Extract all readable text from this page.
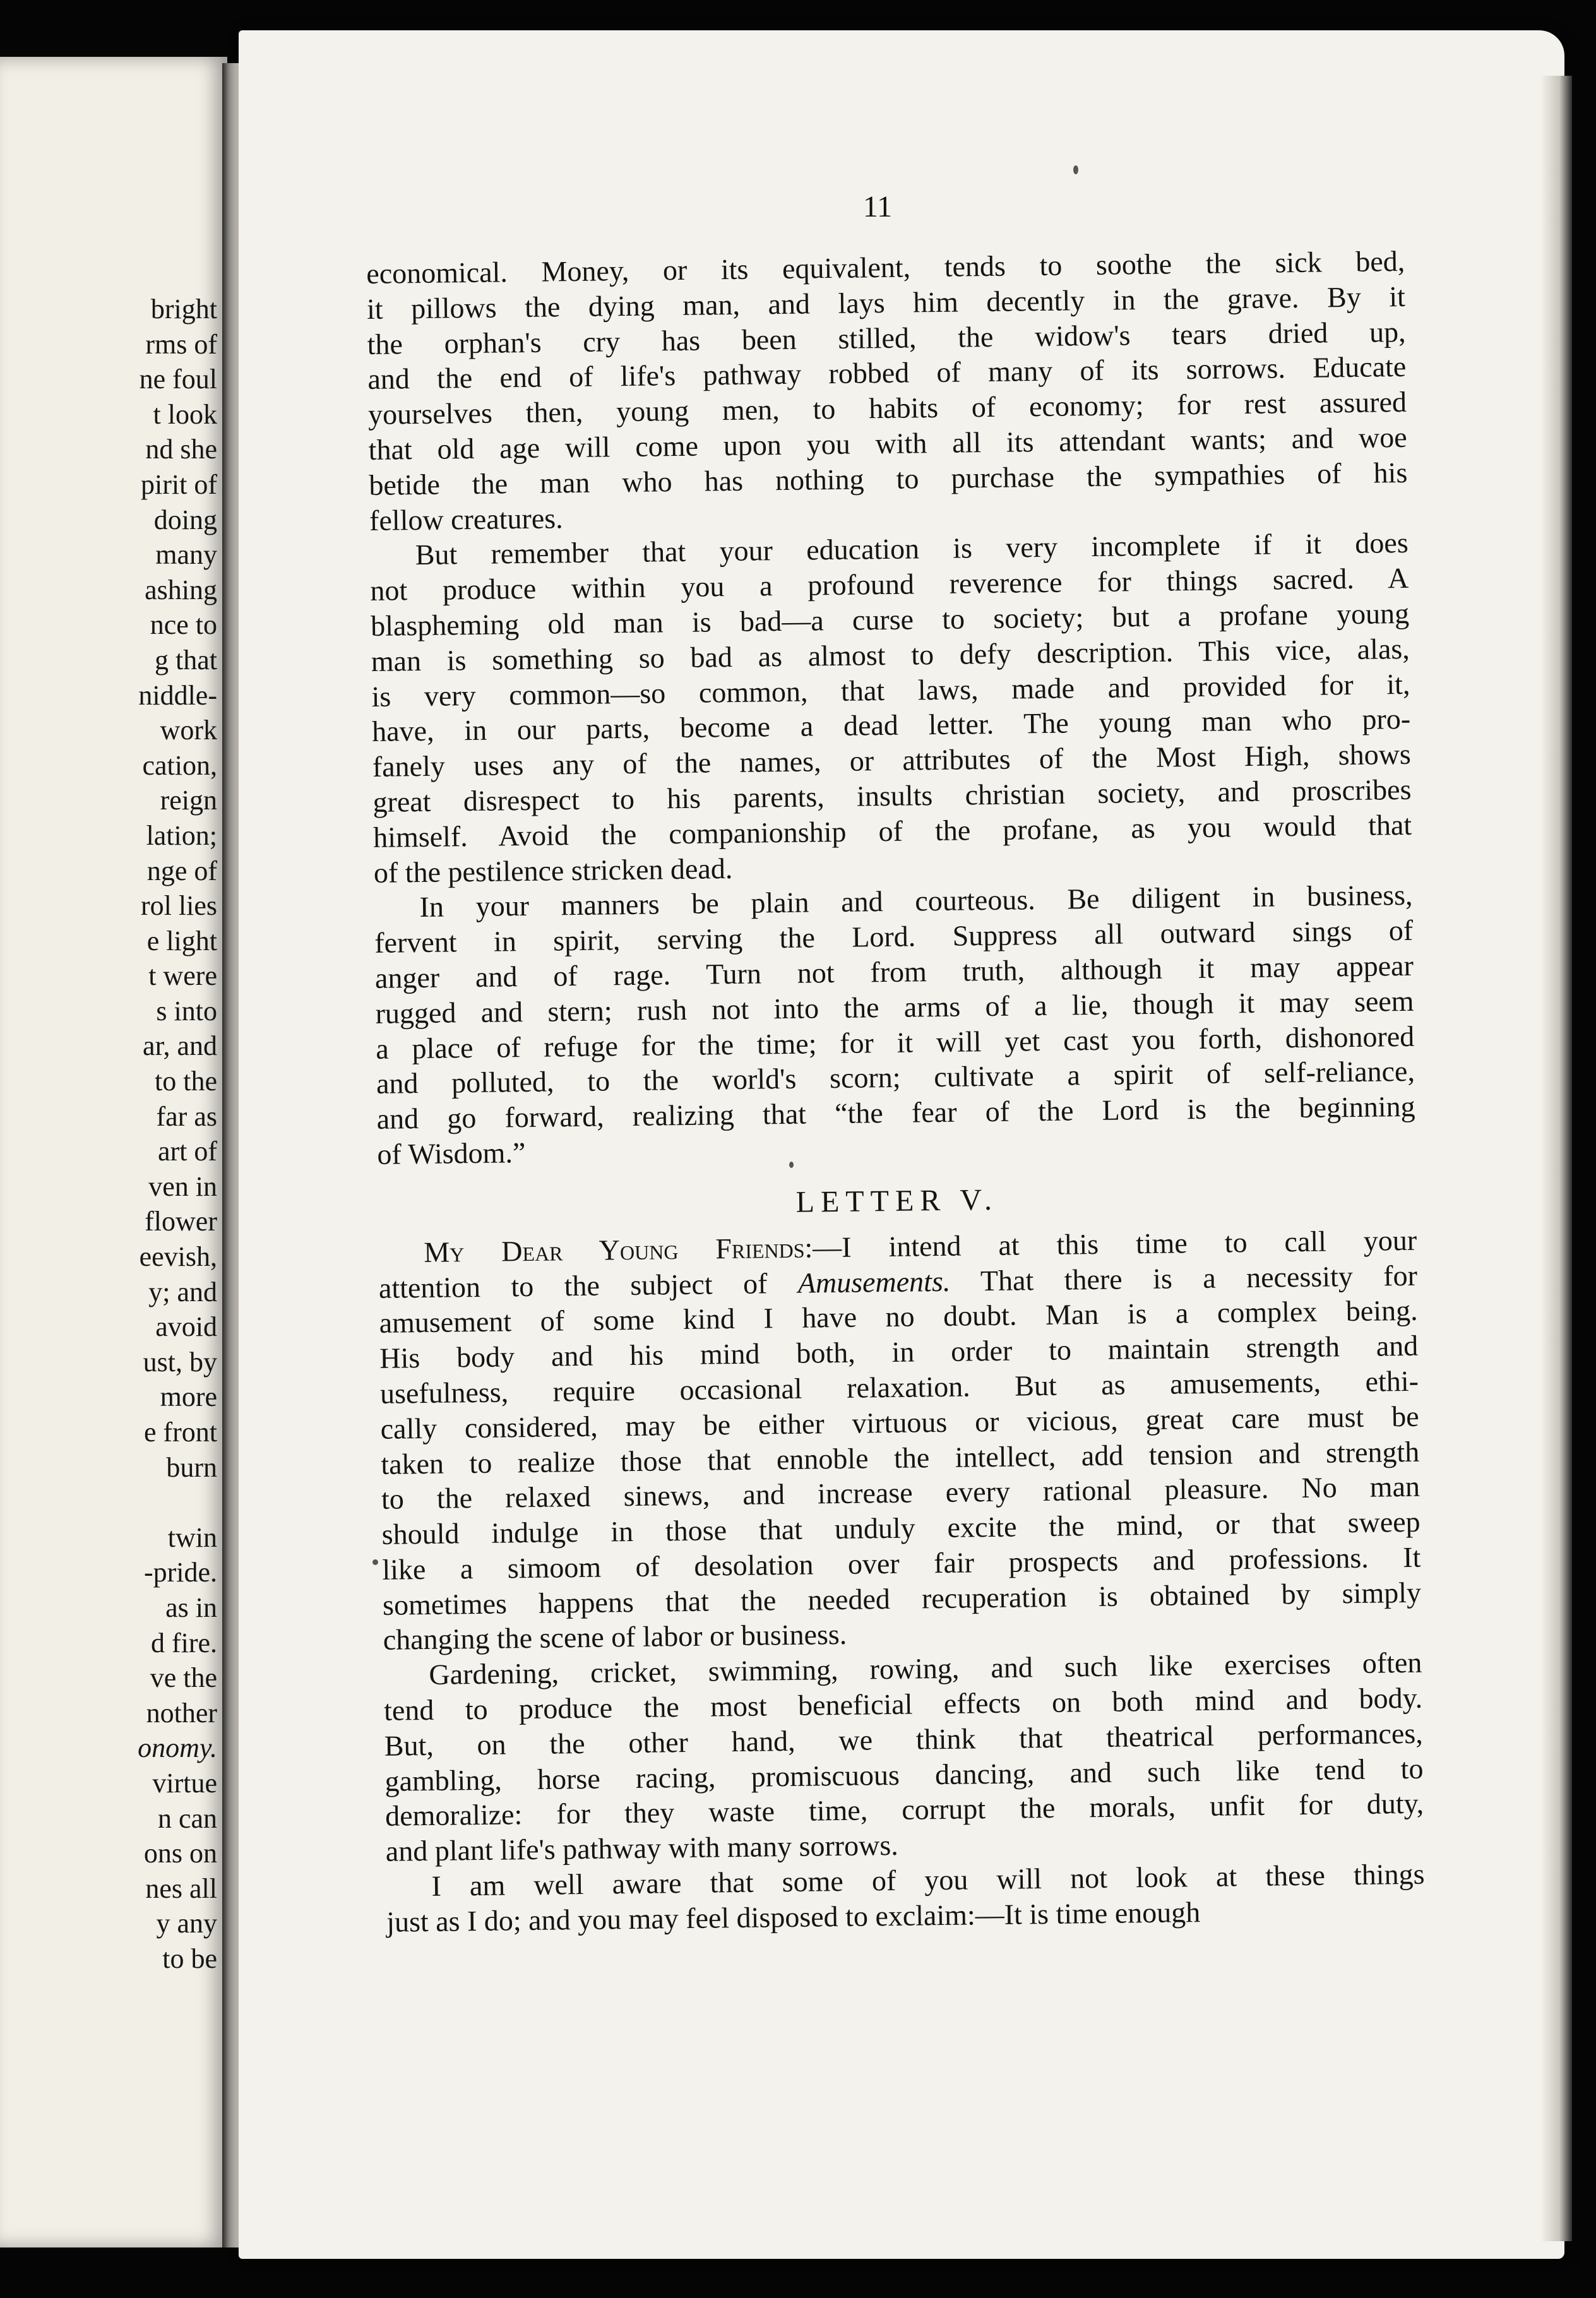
bright
rms of
ne foul
t look
nd she
pirit of
doing
many
ashing
nce to
g that
niddle-
work
cation,
reign
lation;
nge of
rol lies
e light
t were
s into
ar, and
to the
far as
art of
ven in
flower
eevish,
y; and
avoid
ust, by
more
e front
burn
twin
-pride.
as in
d fire.
ve the
nother
onomy.
virtue
n can
ons on
nes all
y any
to be
11
economical. Money, or its equivalent, tends to soothe the sick bed,
it pillows the dying man, and lays him decently in the grave. By it
the orphan's cry has been stilled, the widow's tears dried up,
and the end of life's pathway robbed of many of its sorrows. Educate
yourselves then, young men, to habits of economy; for rest assured
that old age will come upon you with all its attendant wants; and woe
betide the man who has nothing to purchase the sympathies of his
fellow creatures.
But remember that your education is very incomplete if it does
not produce within you a profound reverence for things sacred. A
blaspheming old man is bad—a curse to society; but a profane young
man is something so bad as almost to defy description. This vice, alas,
is very common—so common, that laws, made and provided for it,
have, in our parts, become a dead letter. The young man who pro-
fanely uses any of the names, or attributes of the Most High, shows
great disrespect to his parents, insults christian society, and proscribes
himself. Avoid the companionship of the profane, as you would that
of the pestilence stricken dead.
In your manners be plain and courteous. Be diligent in business,
fervent in spirit, serving the Lord. Suppress all outward sings of
anger and of rage. Turn not from truth, although it may appear
rugged and stern; rush not into the arms of a lie, though it may seem
a place of refuge for the time; for it will yet cast you forth, dishonored
and polluted, to the world's scorn; cultivate a spirit of self-reliance,
and go forward, realizing that “the fear of the Lord is the beginning
of Wisdom.”
LETTER V.
My Dear Young Friends:—I intend at this time to call your
attention to the subject of Amusements. That there is a necessity for
amusement of some kind I have no doubt. Man is a complex being.
His body and his mind both, in order to maintain strength and
usefulness, require occasional relaxation. But as amusements, ethi-
cally considered, may be either virtuous or vicious, great care must be
taken to realize those that ennoble the intellect, add tension and strength
to the relaxed sinews, and increase every rational pleasure. No man
should indulge in those that unduly excite the mind, or that sweep
like a simoom of desolation over fair prospects and professions. It
sometimes happens that the needed recuperation is obtained by simply
changing the scene of labor or business.
Gardening, cricket, swimming, rowing, and such like exercises often
tend to produce the most beneficial effects on both mind and body.
But, on the other hand, we think that theatrical performances,
gambling, horse racing, promiscuous dancing, and such like tend to
demoralize: for they waste time, corrupt the morals, unfit for duty,
and plant life's pathway with many sorrows.
I am well aware that some of you will not look at these things
just as I do; and you may feel disposed to exclaim:—It is time enough
